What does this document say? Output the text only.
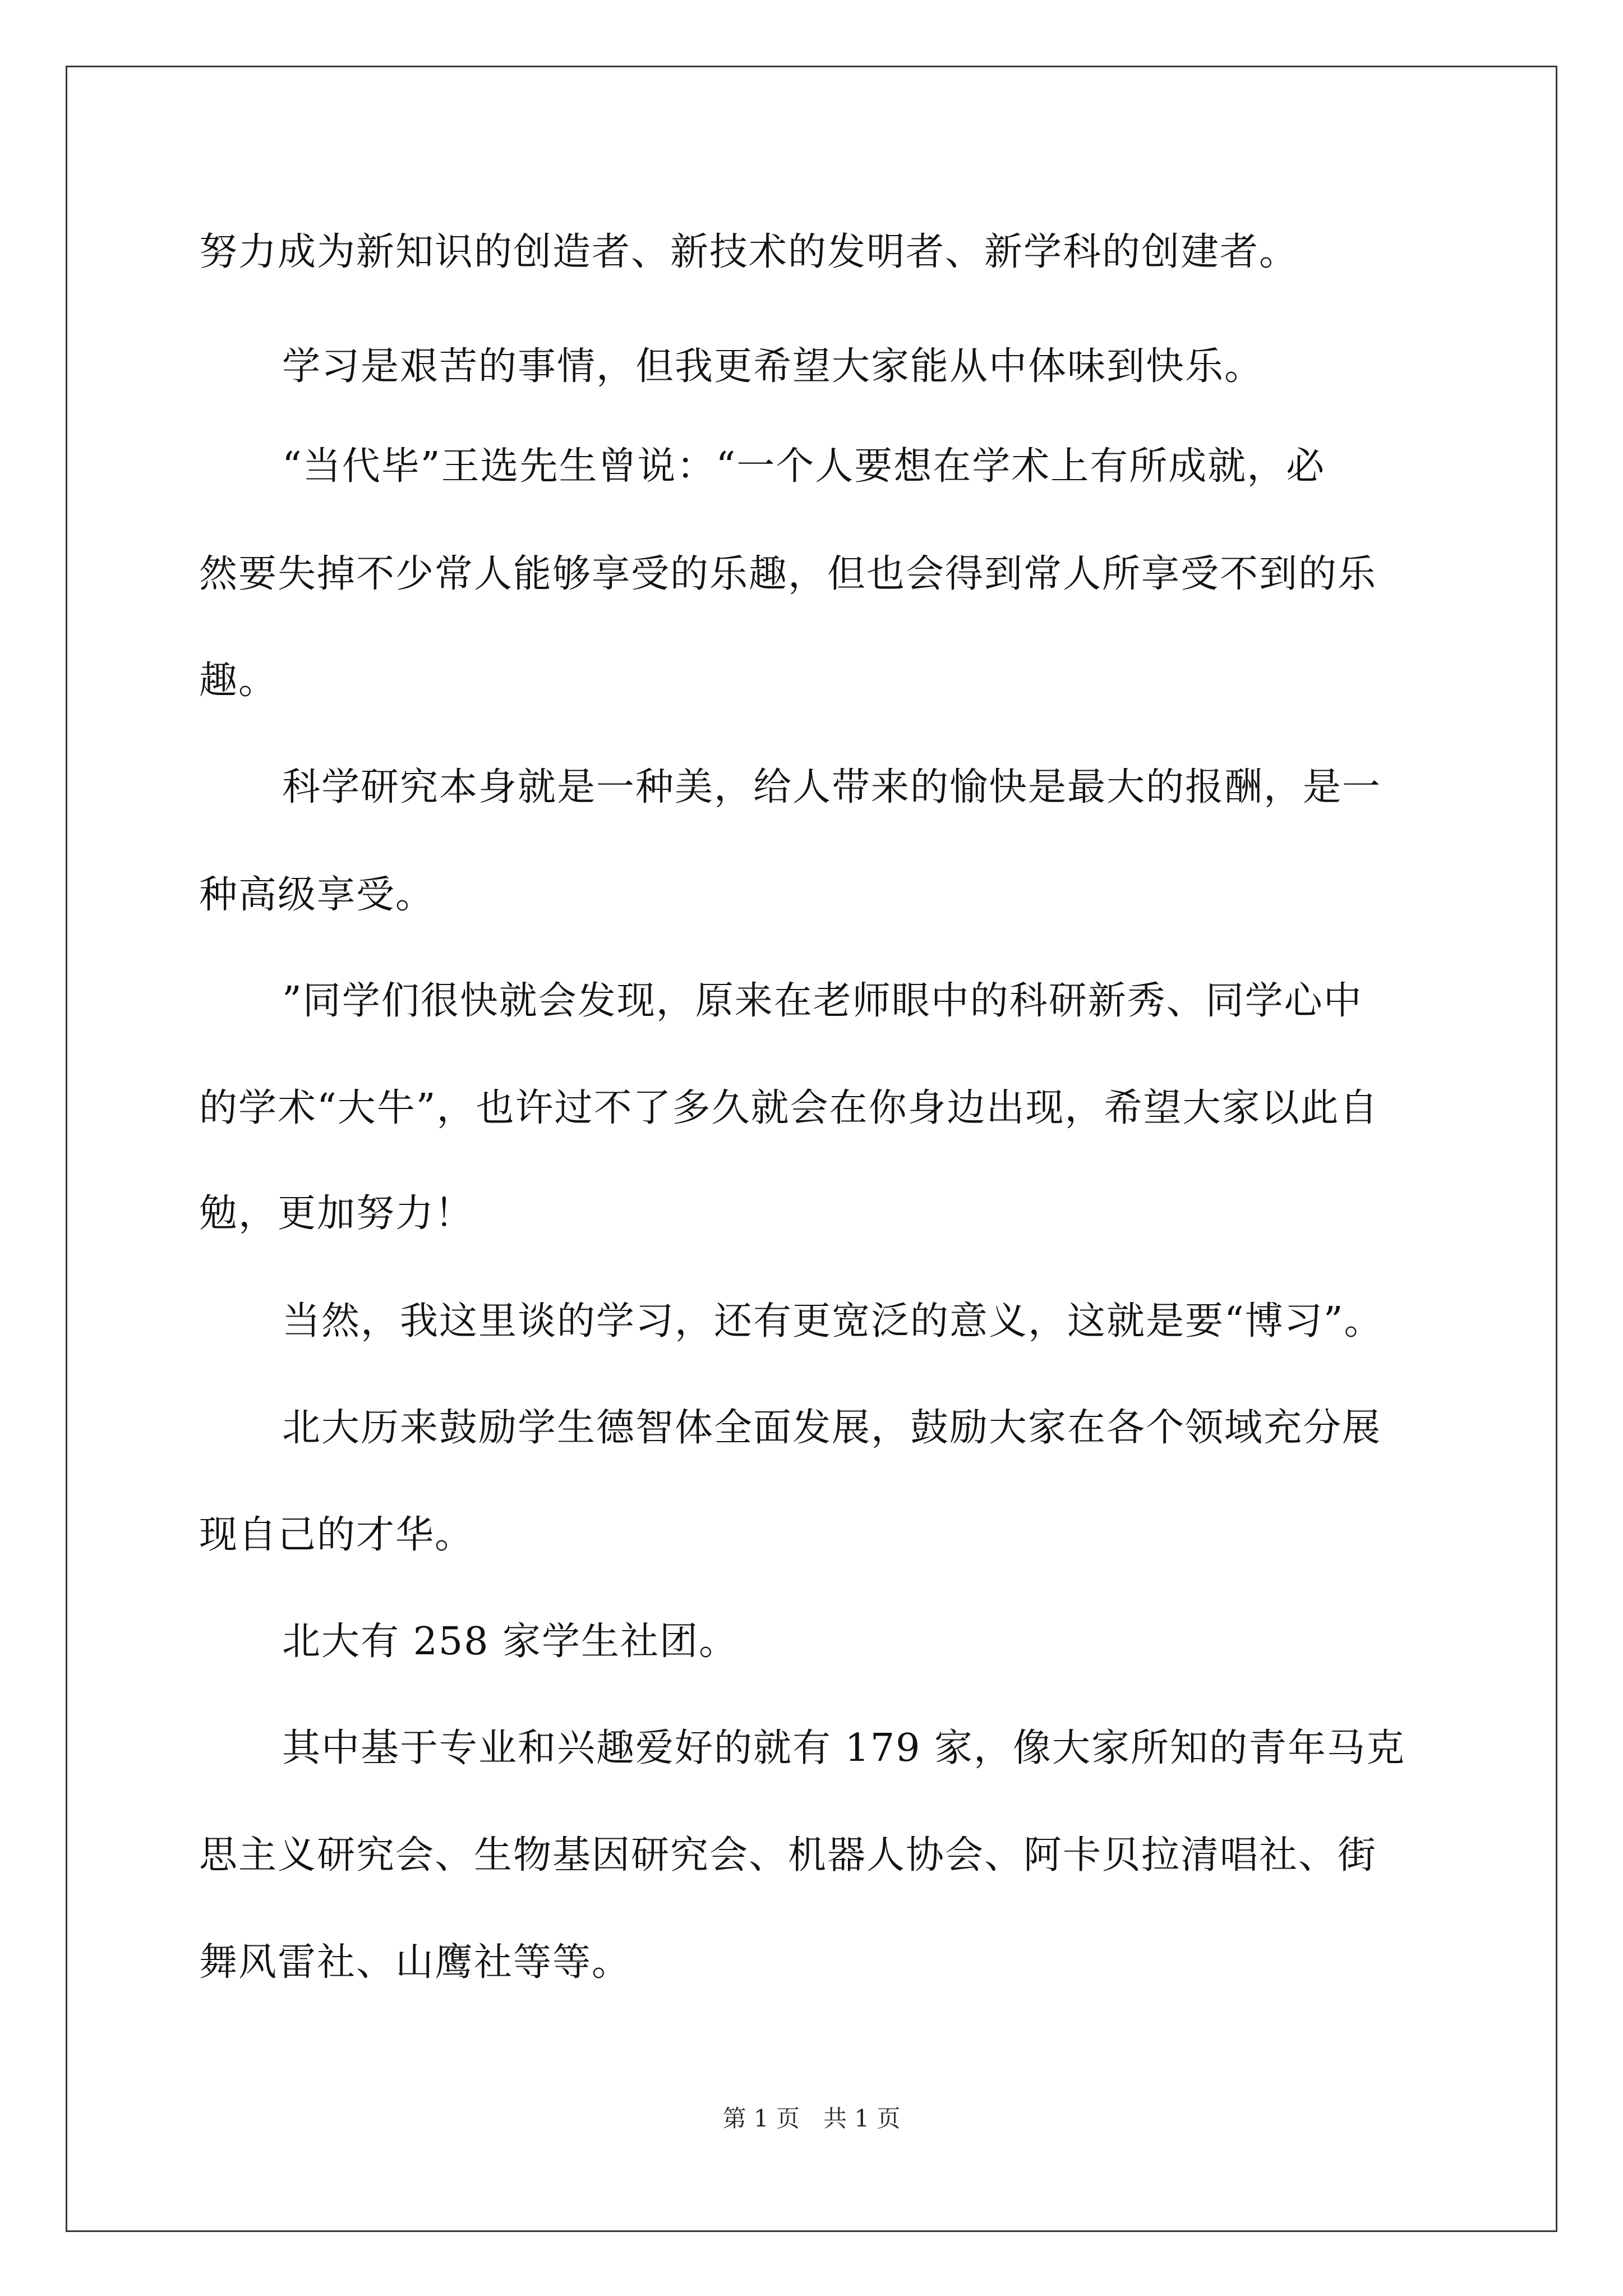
努力成为新知识的创造者、新技术的发明者、新学科的创建者。
学习是艰苦的事情，但我更希望大家能从中体味到快乐。
“当代毕”王选先生曾说：“一个人要想在学术上有所成就，必
然要失掉不少常人能够享受的乐趣，但也会得到常人所享受不到的乐
趣。
科学研究本身就是一种美，给人带来的愉快是最大的报酬，是一
种高级享受。
”同学们很快就会发现，原来在老师眼中的科研新秀、同学心中
的学术“大牛”，也许过不了多久就会在你身边出现，希望大家以此自
勉，更加努力！
当然，我这里谈的学习，还有更宽泛的意义，这就是要“博习”。
北大历来鼓励学生德智体全面发展，鼓励大家在各个领域充分展
现自己的才华。
北大有 258 家学生社团。
其中基于专业和兴趣爱好的就有 179 家，像大家所知的青年马克
思主义研究会、生物基因研究会、机器人协会、阿卡贝拉清唱社、街
舞风雷社、山鹰社等等。
第 1 页　共 1 页
